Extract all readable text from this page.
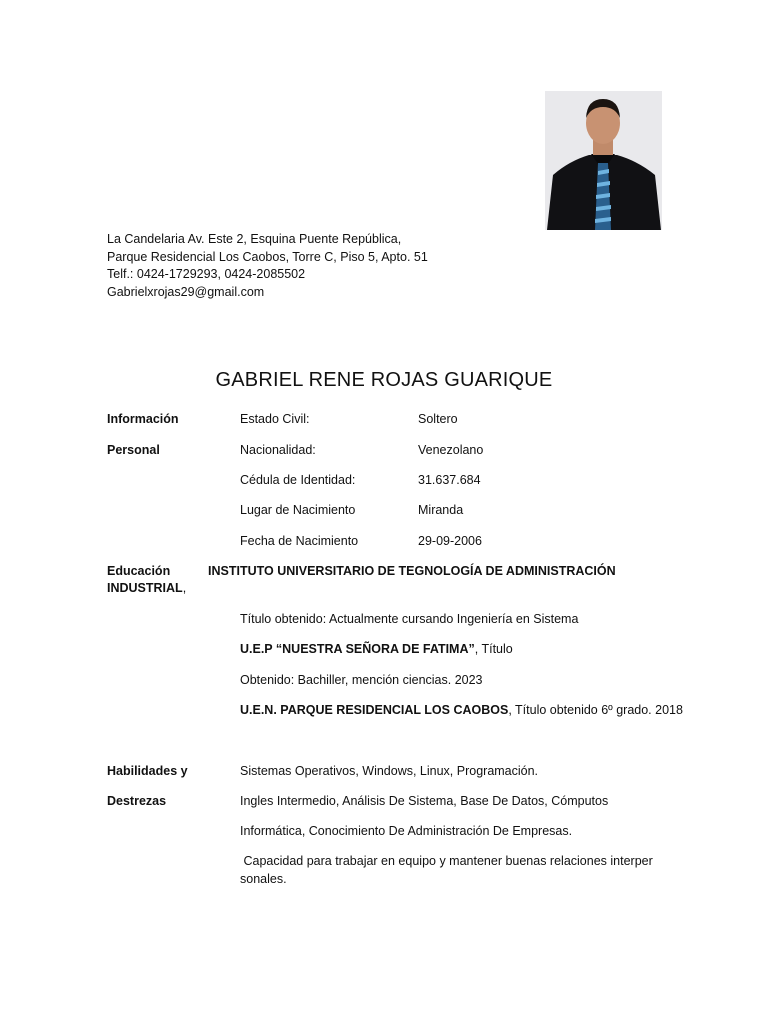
La Candelaria Av. Este 2, Esquina Puente República,
Parque Residencial Los Caobos, Torre C, Piso 5, Apto. 51
Telf.: 0424-1729293, 0424-2085502
Gabrielxrojas29@gmail.com
GABRIEL RENE ROJAS GUARIQUE
Información
Personal
Estado Civil:	Soltero
Nacionalidad:	Venezolano
Cédula de Identidad:	31.637.684
Lugar de Nacimiento	Miranda
Fecha de Nacimiento	29-09-2006
Educación
INDUSTRIAL,
INSTITUTO UNIVERSITARIO DE TEGNOLOGÍA DE ADMINISTRACIÓN
Título obtenido: Actualmente cursando Ingeniería en Sistema
U.E.P “NUESTRA SEÑORA DE FATIMA”, Título
Obtenido: Bachiller, mención ciencias. 2023
U.E.N. PARQUE RESIDENCIAL LOS CAOBOS, Título obtenido 6º grado. 2018
Habilidades y
Destrezas
Sistemas Operativos, Windows, Linux, Programación.
Ingles Intermedio, Análisis De Sistema, Base De Datos, Cómputos
Informática, Conocimiento De Administración De Empresas.
Capacidad para trabajar en equipo y mantener buenas relaciones interper
sonales.
